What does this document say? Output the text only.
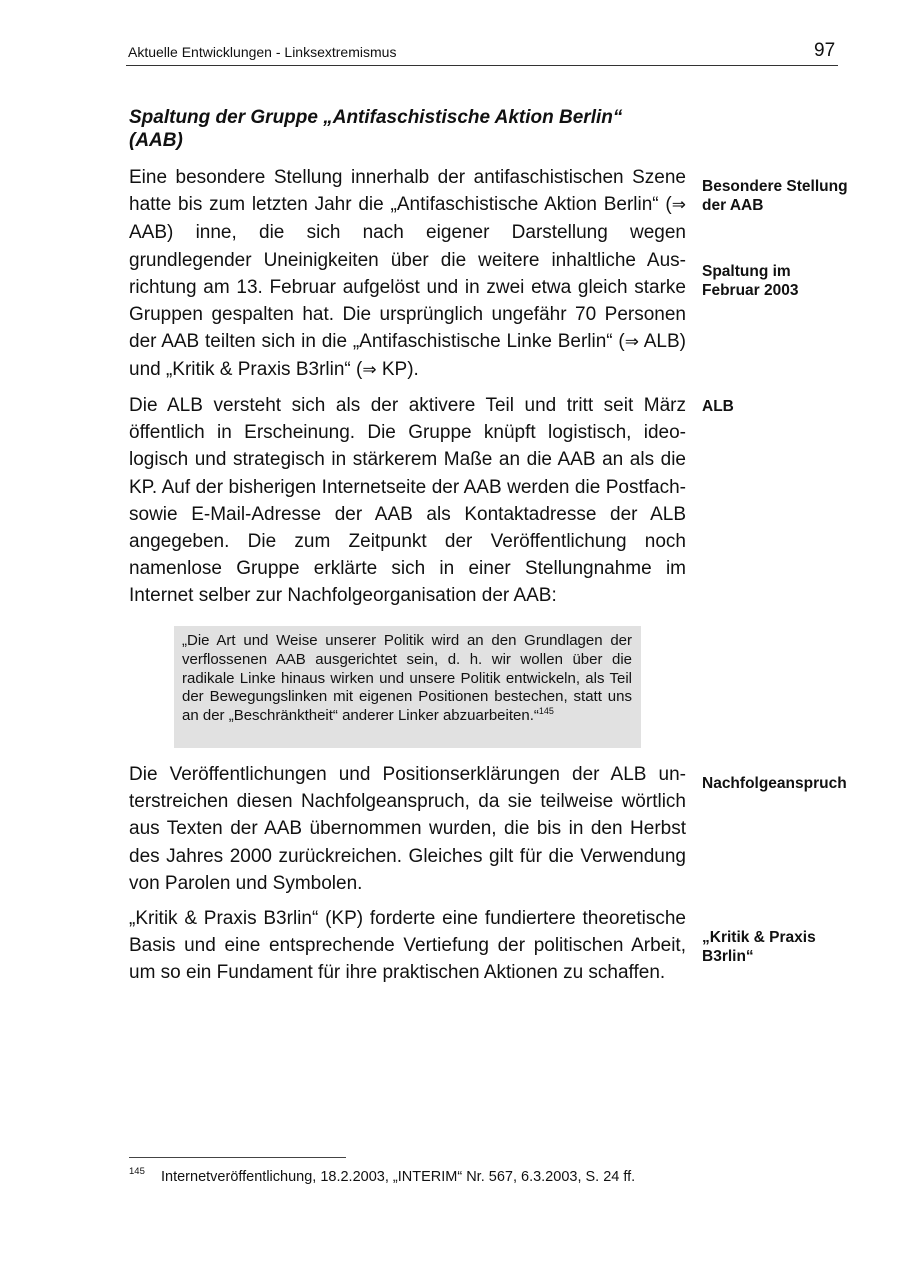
Aktuelle Entwicklungen - Linksextremismus	97
Spaltung der Gruppe „Antifaschistische Aktion Berlin“
(AAB)
Eine besondere Stellung innerhalb der antifaschistischen Szene hatte bis zum letzten Jahr die „Antifaschistische Aktion Berlin“ (⇒ AAB) inne, die sich nach eigener Darstellung wegen grundlegender Uneinigkeiten über die weitere inhaltliche Ausrichtung am 13. Februar aufgelöst und in zwei etwa gleich starke Gruppen gespalten hat. Die ursprünglich ungefähr 70 Personen der AAB teilten sich in die „Antifaschistische Linke Berlin“ (⇒ ALB) und „Kritik & Praxis B3rlin“ (⇒ KP).
Besondere Stellung
der AAB
Spaltung im
Februar 2003
Die ALB versteht sich als der aktivere Teil und tritt seit März öffentlich in Erscheinung. Die Gruppe knüpft logistisch, ideologisch und strategisch in stärkerem Maße an die AAB an als die KP. Auf der bisherigen Internetseite der AAB werden die Postfach- sowie E-Mail-Adresse der AAB als Kontaktadresse der ALB angegeben. Die zum Zeitpunkt der Veröffentlichung noch namenlose Gruppe erklärte sich in einer Stellungnahme im Internet selber zur Nachfolgeorganisation der AAB:
ALB
„Die Art und Weise unserer Politik wird an den Grundlagen der verflossenen AAB ausgerichtet sein, d. h. wir wollen über die radikale Linke hinaus wirken und unsere Politik entwickeln, als Teil der Bewegungslinken mit eigenen Positionen bestechen, statt uns an der „Beschränktheit“ anderer Linker abzuarbeiten.“$^{145}$
Die Veröffentlichungen und Positionserklärungen der ALB unterstreichen diesen Nachfolgeanspruch, da sie teilweise wörtlich aus Texten der AAB übernommen wurden, die bis in den Herbst des Jahres 2000 zurückreichen. Gleiches gilt für die Verwendung von Parolen und Symbolen.
Nachfolgeanspruch
„Kritik & Praxis B3rlin“ (KP) forderte eine fundiertere theoretische Basis und eine entsprechende Vertiefung der politischen Arbeit, um so ein Fundament für ihre praktischen Aktionen zu schaffen.
„Kritik & Praxis
B3rlin“
145 Internetveröffentlichung, 18.2.2003, „INTERIM“ Nr. 567, 6.3.2003, S. 24 ff.
